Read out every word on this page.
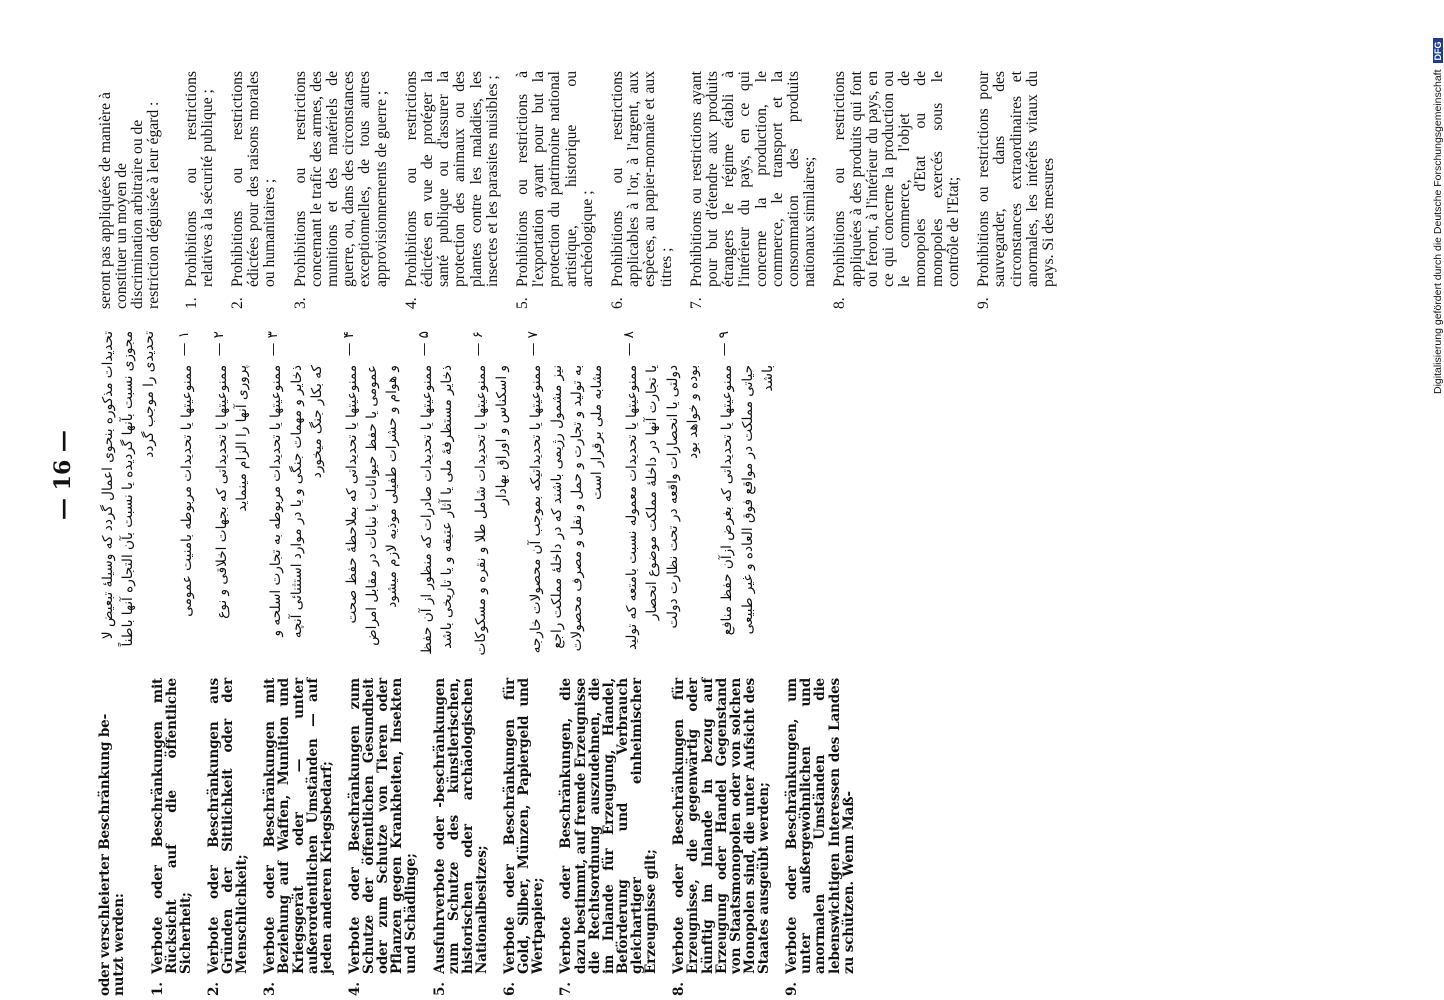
— 16 —
oder verschleierter Beschränkung be-nutzt werden: 1.
Verbote oder Beschränkungen mit Rücksicht auf die öffentliche Sicherheit;
2.
Verbote oder Beschränkungen aus Gründen der Sittlichkeit oder der Menschlichkeit;
3.
Verbote oder Beschränkungen mit Beziehung auf Waffen, Munition und Kriegsgerät oder — unter außerordentlichen Umständen — auf jeden anderen Kriegsbedarf;
4.
Verbote oder Beschränkungen zum Schutze der öffentlichen Gesundheit oder zum Schutze von Tieren oder Pflanzen gegen Krankheiten, Insekten und Schädlinge;
5.
Ausfuhrverbote oder -beschränkungen zum Schutze des künstlerischen, historischen oder archäologischen Nationalbesitzes;
6.
Verbote oder Beschränkungen für Gold, Silber, Münzen, Papiergeld und Wertpapiere;
7.
Verbote oder Beschränkungen, die dazu bestimmt, auf fremde Erzeugnisse die Rechtsordnung auszudehnen, die im Inlande für Erzeugung, Handel, Beförderung und Verbrauch gleichartiger einheimischer Erzeugnisse gilt;
8.
Verbote oder Beschränkungen für Erzeugnisse, die gegenwärtig oder künftig im Inlande in bezug auf Erzeugung oder Handel Gegenstand von Staatsmonopolen oder von solchen Monopolen sind, die unter Aufsicht des Staates ausgeübt werden;
9.
Verbote oder Beschränkungen, um unter außergewöhnlichen und anormalen Umständen die lebenswichtigen Interessen des Landes zu schützen. Wenn Maß-
تحدیدات مذکوره بنحوی اعمال گردد که وسیلهٔ تبعیض لا مجوزی نسبت بآنها گردیده یا نسبت بآن التجاره آنها باطناً تحدیدی را موجب گردد ۱ —
ممنوعیتها یا تحدیدات مربوطه بامنیت عمومی
۲ —
ممنوعیتها یا تحدیداتی که بجهات اخلاقی و نوع پروری آنها را الزام مینماید
۳ —
ممنوعیتها یا تحدیدات مربوطه به تجارت اسلحه و ذخایر و مهمات جنگی و یا در موارد استثنائی آنچه که بکار جنگ میخورد
۴ —
ممنوعیتها یا تحدیداتی که بملاحظهٔ حفظ صحت عمومی یا حفظ حیوانات یا نباتات در مقابل امراض و هوام و حشرات طفیلی موذیه لازم میشود
۵ —
ممنوعیتها یا تحدیدات صادرات که منظور از آن حفظ ذخایر مستظرفهٔ ملی یا آثار عتیقه و یا تاریخی باشد
۶ —
ممنوعیتها یا تحدیدات شامل طلا و نقره و مسکوکات و اسکناس و اوراق بهادار
۷ —
ممنوعیتها یا تحدیداتیکه بموجب آن محصولات خارجه نیز مشمول رژیمی باشند که در داخلهٔ مملکت راجع به تولید و تجارت و حمل و نقل و مصرف محصولات مشابه ملی برقرار است
۸ —
ممنوعیتها یا تحدیدات معموله نسبت بامتعه که تولید یا تجارت آنها در داخلهٔ مملکت موضوع انحصار دولتی یا انحصارات واقعه در تحت نظارت دولت بوده و خواهد بود
۹ —
ممنوعیتها یا تحدیداتی که بغرض ازآن حفظ منافع حیاتی مملکت در مواقع فوق العاده و غیر طبیعی باشد
seront pas appliquées de manière à constituer un moyen de discrimination arbitraire ou de restriction déguisée à leur égard : 1.
Prohibitions ou restrictions relatives à la sécurité publique ;
2.
Prohibitions ou restrictions édictées pour des raisons morales ou humanitaires ;
3.
Prohibitions ou restrictions concernant le trafic des armes, des munitions et des matériels de guerre, ou, dans des circonstances exceptionnelles, de tous autres approvisionnements de guerre ;
4.
Prohibitions ou restrictions édictées en vue de protéger la santé publique ou d'assurer la protection des animaux ou des plantes contre les maladies, les insectes et les parasites nuisibles ;
5.
Prohibitions ou restrictions à l'exportation ayant pour but la protection du patrimoine national artistique, historique ou archéologique ;
6.
Prohibitions ou restrictions applicables à l'or, à l'argent, aux espèces, au papier-monnaie et aux titres ;
7.
Prohibitions ou restrictions ayant pour but d'étendre aux produits étrangers le régime établi à l'intérieur du pays, en ce qui concerne la production, le commerce, le transport et la consommation des produits nationaux similaires;
8.
Prohibitions ou restrictions appliquées à des produits qui font ou feront, à l'intérieur du pays, en ce qui concerne la production ou le commerce, l'objet de monopoles d'Etat ou de monopoles exercés sous le contrôle de l'Etat;
9.
Prohibitions ou restrictions pour sauvegarder, dans des circonstances extraordinaires et anormales, les intérêts vitaux du pays. Si des mesures	Digitalisierung gefördert durch die Deutsche ForschungsgemeinschaftDFG
